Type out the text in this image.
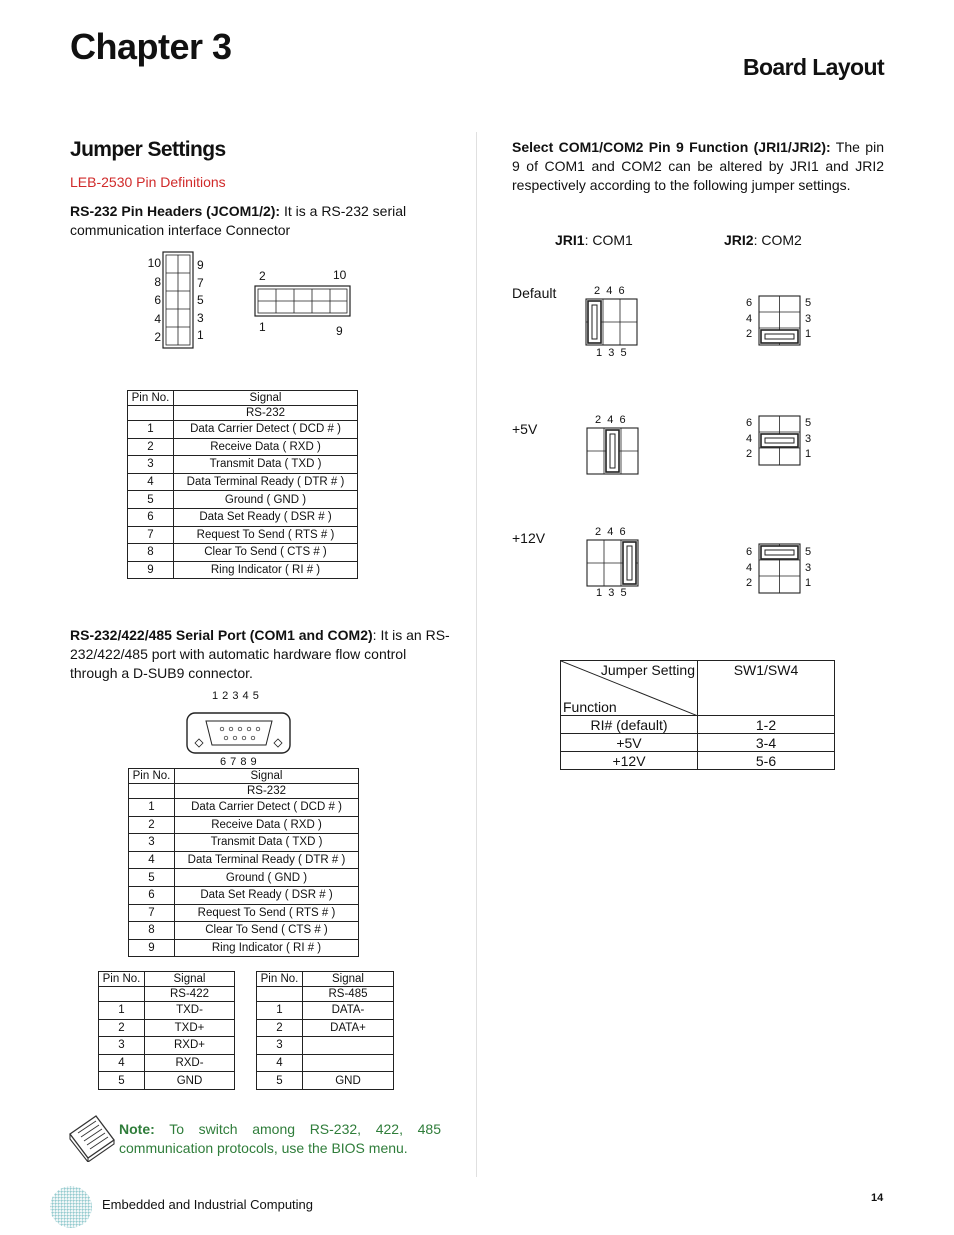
Chapter 3	Board Layout
Jumper Settings
LEB-2530 Pin Definitions
RS-232 Pin Headers (JCOM1/2): It is a RS-232 serial communication interface Connector
10
8
6
4
2
9
7
5
3
1
2	10
1	9
Pin No.	Signal
	RS-232
1	Data Carrier Detect ( DCD # )
2	Receive Data ( RXD )
3	Transmit Data ( TXD )
4	Data Terminal Ready ( DTR # )
5	Ground ( GND )
6	Data Set Ready ( DSR # )
7	Request To Send ( RTS # )
8	Clear To Send ( CTS # )
9	Ring Indicator ( RI # )
RS-232/422/485 Serial Port (COM1 and COM2): It is an RS-232/422/485 port with automatic hardware flow control through a D-SUB9 connector.
1 2 3 4 5
6 7 8 9
Pin No.	Signal
	RS-232
1	Data Carrier Detect ( DCD # )
2	Receive Data ( RXD )
3	Transmit Data ( TXD )
4	Data Terminal Ready ( DTR # )
5	Ground ( GND )
6	Data Set Ready ( DSR # )
7	Request To Send ( RTS # )
8	Clear To Send ( CTS # )
9	Ring Indicator ( RI # )
Pin No.	Signal
	RS-422
1	TXD-
2	TXD+
3	RXD+
4	RXD-
5	GND
Pin No.	Signal
	RS-485
1	DATA-
2	DATA+
3	
4	
5	GND
Note: To switch among RS-232, 422, 485 communication protocols, use the BIOS menu.
Select COM1/COM2 Pin 9 Function (JRI1/JRI2): The pin 9 of COM1 and COM2 can be altered by JRI1 and JRI2 respectively according to the following jumper settings.
JRI1: COM1	JRI2: COM2
Default
+5V
+12V
2  4  6
1  3  5
2  4  6
2  4  6
1  3  5
6
4
2
5
3
1
6
4
2
5
3
1
6
4
2
5
3
1
Jumper Setting
Function	SW1/SW4
RI# (default)	1-2
+5V	3-4
+12V	5-6
Embedded and Industrial Computing	14
